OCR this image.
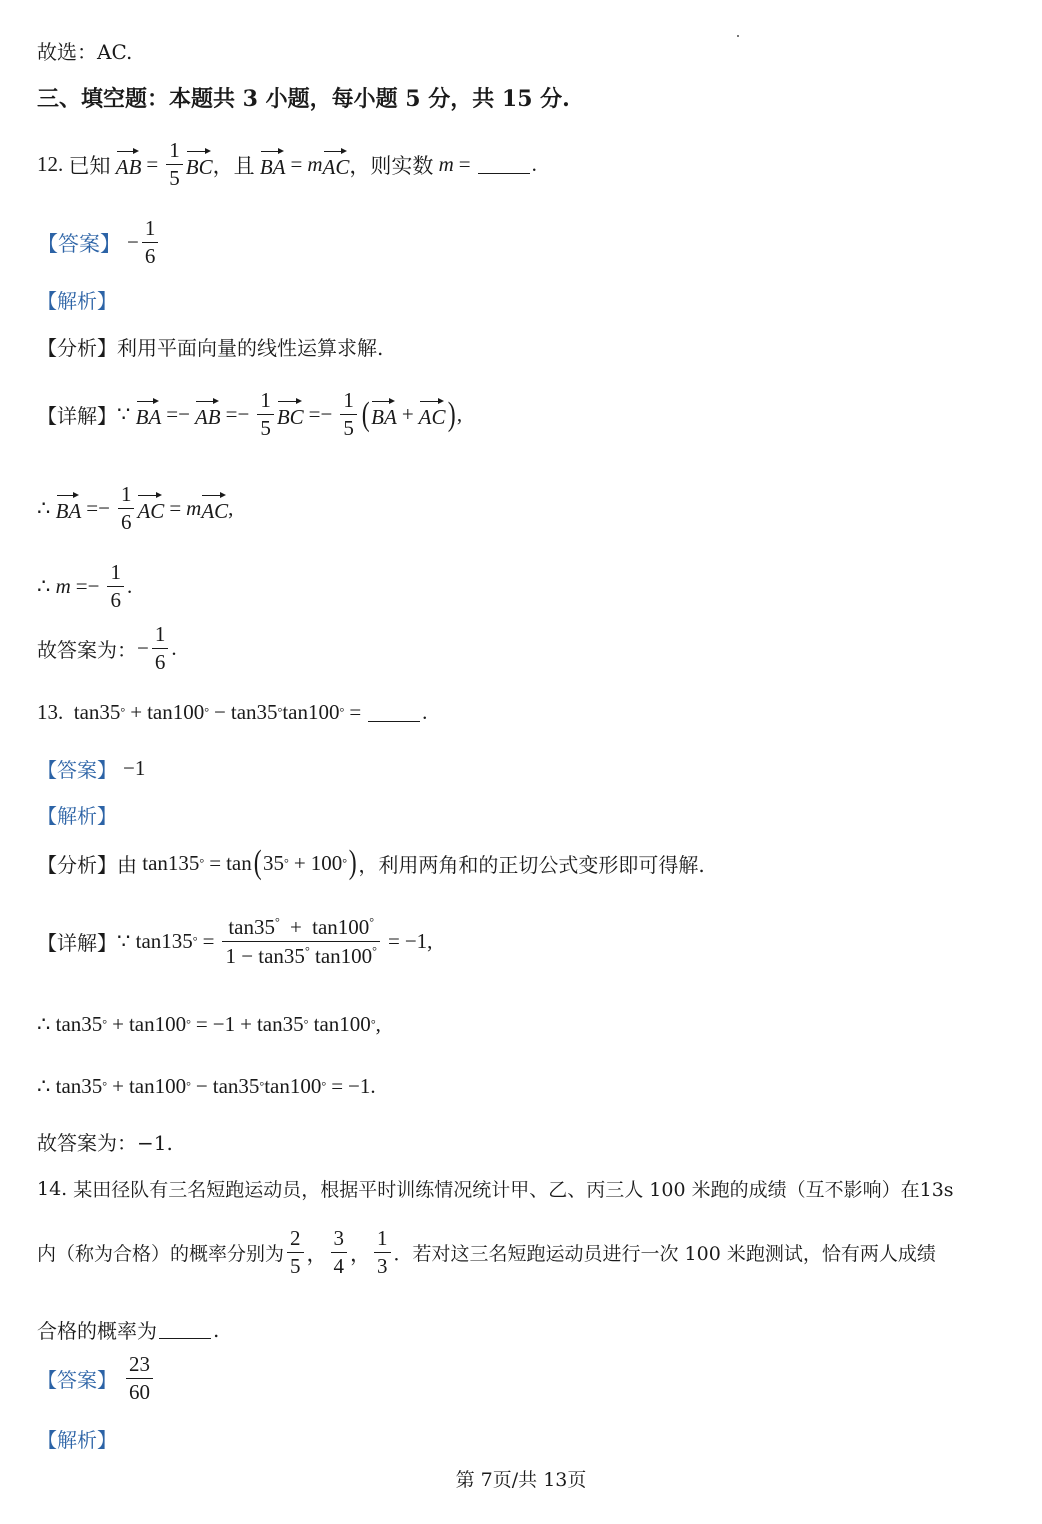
故选：AC.
三、填空题：本题共 3 小题，每小题 5 分，共 15 分.
12.
已知
AB = $\frac{1}{5}$ BC ，且
BA = m AC ，则实数
m =	.
【答案】 − $\frac{1}{6}$
【解析】
【分析】 利用平面向量的线性运算求解.
【详解】 ∵ BA =− AB =− $\frac{1}{5}$ BC =− $\frac{1}{5}$ ( BA + AC ) ,
∴ BA =− $\frac{1}{6}$ AC = m AC ,
∴ $m =- \frac{1}{6}$ .
故答案为： − $\frac{1}{6}$ .
13.
tan35 ° + tan100 ° − tan35 ° tan100 ° =	.
【答案】 −1
【解析】
【分析】 由
tan135 ° = tan ( 35 ° + 100 ° ) ，利用两角和的正切公式变形即可得解.
【详解】 ∵ tan135 ° = $\frac{\tan 35^\circ + \tan 100^\circ}{1 - \tan 35^\circ \tan 100^\circ} = -1$ ,
∴ tan35 ° + tan100 ° = −1 + tan35 °
tan100 ° ,
∴ tan35 ° + tan100 ° − tan35 ° tan100 ° = −1 .
故答案为：−1.
14.
某田径队有三名短跑运动员，根据平时训练情况统计甲、乙、丙三人 100 米跑的成绩（互不影响）在13s
内（称为合格）的概率分别为 $\frac{2}{5}$ ， $\frac{3}{4}$ ， $\frac{1}{3}$ ．若对这三名短跑运动员进行一次 100 米跑测试，恰有两人成绩
合格的概率为	.
【答案】 $\frac{23}{60}$
【解析】
第 7页/共 13页
